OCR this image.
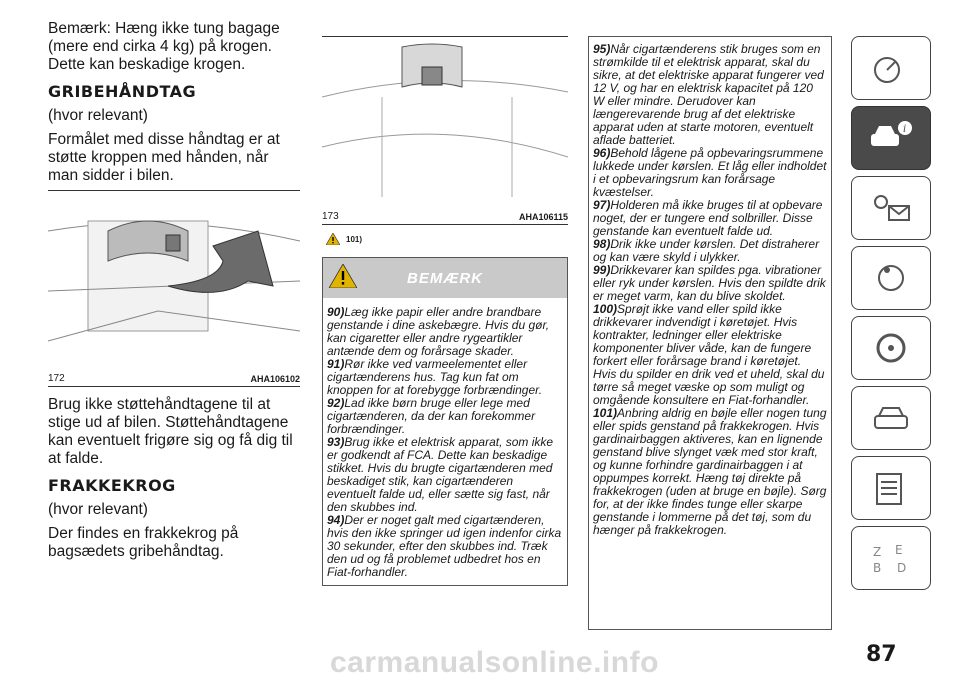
Bemærk: Hæng ikke tung bagage (mere end cirka 4 kg) på krogen. Dette kan beskadige krogen.

GRIBEHÅNDTAG

(hvor relevant)

Formålet med disse håndtag er at støtte kroppen med hånden, når man sidder i bilen.

172	AHA106102

Brug ikke støttehåndtagene til at stige ud af bilen. Støttehåndtagene kan eventuelt frigøre sig og få dig til at falde.

FRAKKEKROG

(hvor relevant)

Der findes en frakkekrog på bagsædets gribehåndtag.

173	AHA106115
101)
BEMÆRK
90)Læg ikke papir eller andre brandbare genstande i dine askebægre. Hvis du gør, kan cigaretter eller andre rygeartikler antænde dem og forårsage skader.
91)Rør ikke ved varmeelementet eller cigartænderens hus. Tag kun fat om knoppen for at forebygge forbrændinger.
92)Lad ikke børn bruge eller lege med cigartænderen, da der kan forekommer forbrændinger.
93)Brug ikke et elektrisk apparat, som ikke er godkendt af FCA. Dette kan beskadige stikket. Hvis du brugte cigartænderen med beskadiget stik, kan cigartænderen eventuelt falde ud, eller sætte sig fast, når den skubbes ind.
94)Der er noget galt med cigartænderen, hvis den ikke springer ud igen indenfor cirka 30 sekunder, efter den skubbes ind. Træk den ud og få problemet udbedret hos en Fiat-forhandler.
95)Når cigartænderens stik bruges som en strømkilde til et elektrisk apparat, skal du sikre, at det elektriske apparat fungerer ved 12 V, og har en elektrisk kapacitet på 120 W eller mindre. Derudover kan længerevarende brug af det elektriske apparat uden at starte motoren, eventuelt aflade batteriet.
96)Behold lågene på opbevaringsrummene lukkede under kørslen. Et låg eller indholdet i et opbevaringsrum kan forårsage kvæstelser.
97)Holderen må ikke bruges til at opbevare noget, der er tungere end solbriller. Disse genstande kan eventuelt falde ud.
98)Drik ikke under kørslen. Det distraherer og kan være skyld i ulykker.
99)Drikkevarer kan spildes pga. vibrationer eller ryk under kørslen. Hvis den spildte drik er meget varm, kan du blive skoldet.
100)Sprøjt ikke vand eller spild ikke drikkevarer indvendigt i køretøjet. Hvis kontrakter, ledninger eller elektriske komponenter bliver våde, kan de fungere forkert eller forårsage brand i køretøjet. Hvis du spilder en drik ved et uheld, skal du tørre så meget væske op som muligt og omgående konsultere en Fiat-forhandler.
101)Anbring aldrig en bøjle eller nogen tung eller spids genstand på frakkekrogen. Hvis gardinairbaggen aktiveres, kan en lignende genstand blive slynget væk med stor kraft, og kunne forhindre gardinairbaggen i at oppumpes korrekt. Hæng tøj direkte på frakkekrogen (uden at bruge en bøjle). Sørg for, at der ikke findes tunge eller skarpe genstande i lommerne på det tøj, som du hænger på frakkekrogen.
i
Z E
B D
87
carmanualsonline.info
